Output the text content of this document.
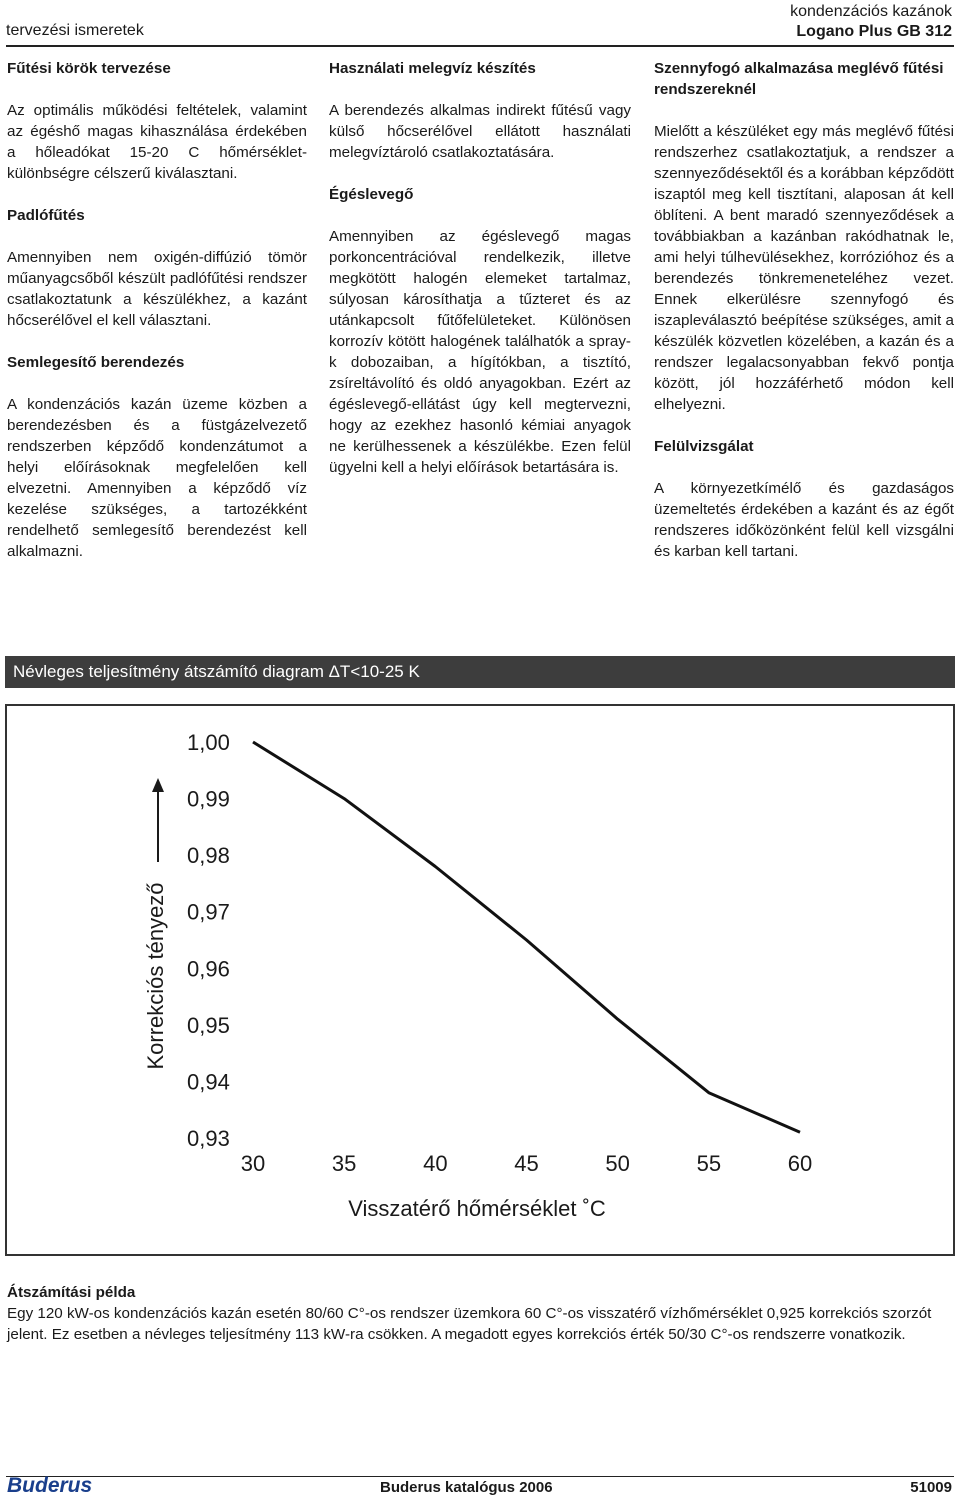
tervezési ismeretek
kondenzációs kazánok
Logano Plus GB 312
Fűtési körök tervezése

Az optimális működési feltételek, valamint az égéshő magas kihasználása érdekében a hőleadókat 15-20 C hőmérséklet-különbségre célszerű kiválasztani.

Padlófűtés

Amennyiben nem oxigén-diffúzió tömör műanyagcsőből készült padlófűtési rendszer csatlakoztatunk a készülékhez, a kazánt hőcserélővel el kell választani.

Semlegesítő berendezés

A kondenzációs kazán üzeme közben a berendezésben és a füstgázelvezető rendszerben képződő kondenzátumot a helyi előírásoknak megfelelően kell elvezetni. Amennyiben a képződő víz kezelése szükséges, a tartozékként rendelhető semlegesítő berendezést kell alkalmazni.

Használati melegvíz készítés

A berendezés alkalmas indirekt fűtésű vagy külső hőcserélővel ellátott használati melegvíztároló csatlakoztatására.

Égéslevegő

Amennyiben az égéslevegő magas porkoncentrációval rendelkezik, illetve megkötött halogén elemeket tartalmaz, súlyosan károsíthatja a tűzteret és az utánkapcsolt fűtőfelületeket. Különösen korrozív kötött halogének találhatók a spray-k dobozaiban, a hígítókban, a tisztító, zsíreltávolító és oldó anyagokban. Ezért az égéslevegő-ellátást úgy kell megtervezni, hogy az ezekhez hasonló kémiai anyagok ne kerülhessenek a készülékbe. Ezen felül ügyelni kell a helyi előírások betartására is.

Szennyfogó alkalmazása meglévő fűtési rendszereknél

Mielőtt a készüléket egy más meglévő fűtési rendszerhez csatlakoztatjuk, a rendszer a szennyeződésektől és a korábban képződött iszaptól meg kell tisztítani, alaposan át kell öblíteni. A bent maradó szennyeződések a továbbiakban a kazánban rakódhatnak le, ami helyi túlhevülésekhez, korrózióhoz és a berendezés tönkremeneteléhez vezet. Ennek elkerülésre szennyfogó és iszapleválasztó beépítése szükséges, amit a készülék közvetlen közelében, a kazán és a rendszer legalacsonyabban fekvő pontja között, jól hozzáférhető módon kell elhelyezni.

Felülvizsgálat

A környezetkímélő és gazdaságos üzemeltetés érdekében a kazánt és az égőt rendszeres időközönként felül kell vizsgálni és karban kell tartani.

Névleges teljesítmény átszámító diagram ΔT<10-25 K
1,00
0,99
0,98
0,97
0,96
0,95
0,94
0,93
30	35	40	45	50	55	60
Visszatérő hőmérséklet ˚C
Korrekciós tényező
Átszámítási példa

Egy 120 kW-os kondenzációs kazán esetén 80/60 C°-os rendszer üzemkora 60 C°-os visszatérő vízhőmérséklet 0,925 korrekciós szorzót jelent. Ez esetben a névleges teljesítmény 113 kW-ra csökken. A megadott egyes korrekciós érték 50/30 C°-os rendszerre vonatkozik.

Buderus	Buderus katalógus 2006	51009
